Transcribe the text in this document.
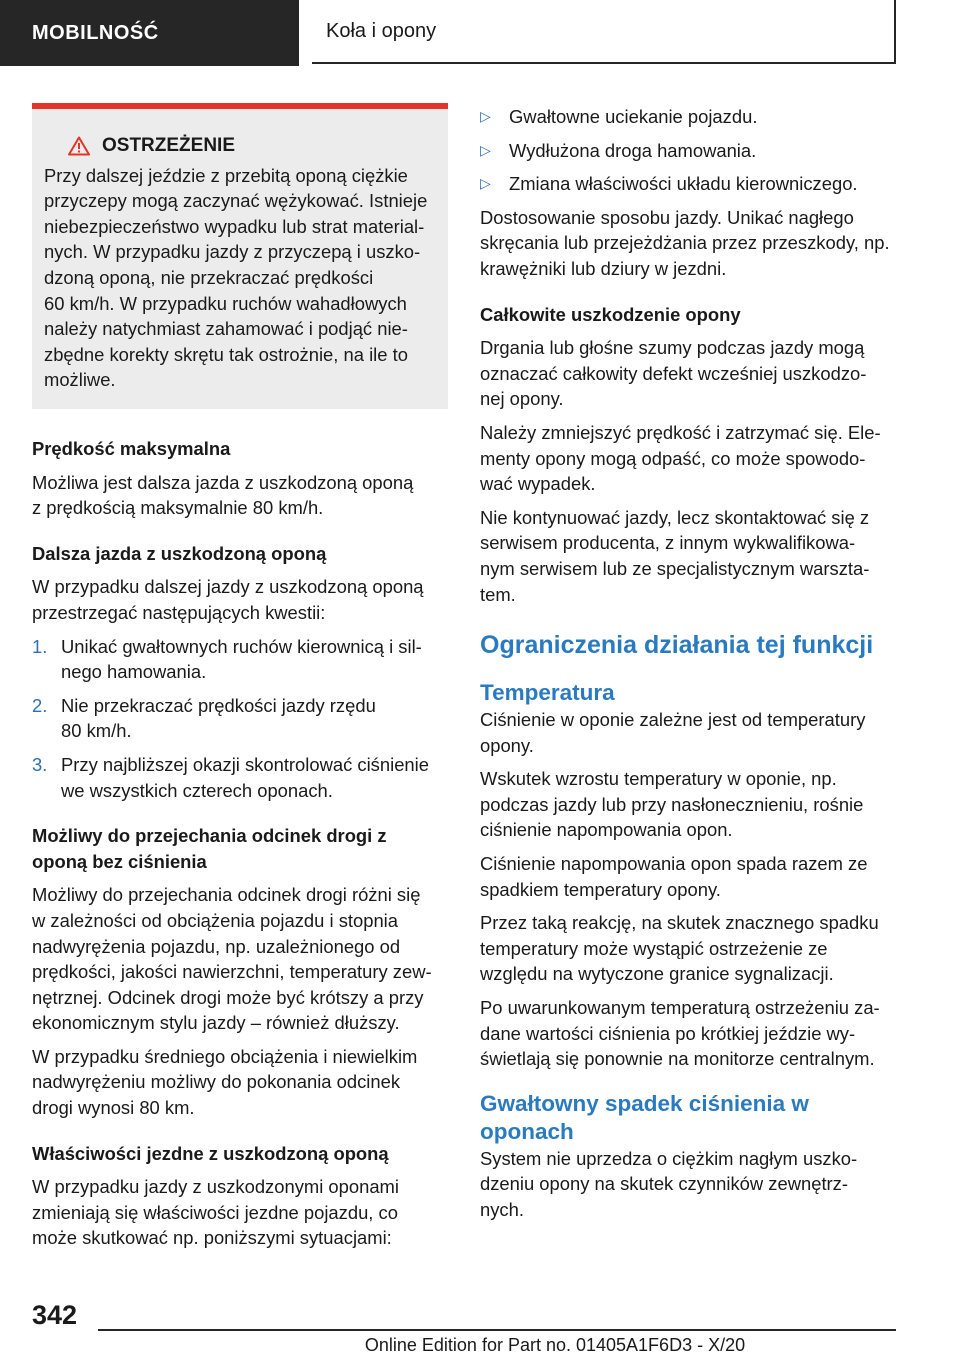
MOBILNOŚĆ	Koła i opony
OSTRZEŻENIE

Przy dalszej jeździe z przebitą oponą ciężkie
przyczepy mogą zaczynać wężykować. Istnieje
niebezpieczeństwo wypadku lub strat material-
nych. W przypadku jazdy z przyczepą i uszko-
dzoną oponą, nie przekraczać prędkości
60 km/h. W przypadku ruchów wahadłowych
należy natychmiast zahamować i podjąć nie-
zbędne korekty skrętu tak ostrożnie, na ile to
możliwe.

Prędkość maksymalna

Możliwa jest dalsza jazda z uszkodzoną oponą
z prędkością maksymalnie 80 km/h.

Dalsza jazda z uszkodzoną oponą

W przypadku dalszej jazdy z uszkodzoną oponą
przestrzegać następujących kwestii:

1. Unikać gwałtownych ruchów kierownicą i sil-
nego hamowania.
2. Nie przekraczać prędkości jazdy rzędu
80 km/h.
3. Przy najbliższej okazji skontrolować ciśnienie
we wszystkich czterech oponach.

Możliwy do przejechania odcinek drogi z
oponą bez ciśnienia

Możliwy do przejechania odcinek drogi różni się
w zależności od obciążenia pojazdu i stopnia
nadwyrężenia pojazdu, np. uzależnionego od
prędkości, jakości nawierzchni, temperatury zew-
nętrznej. Odcinek drogi może być krótszy a przy
ekonomicznym stylu jazdy – również dłuższy.

W przypadku średniego obciążenia i niewielkim
nadwyrężeniu możliwy do pokonania odcinek
drogi wynosi 80 km.

Właściwości jezdne z uszkodzoną oponą

W przypadku jazdy z uszkodzonymi oponami
zmieniają się właściwości jezdne pojazdu, co
może skutkować np. poniższymi sytuacjami:

▷ Gwałtowne uciekanie pojazdu.
▷ Wydłużona droga hamowania.
▷ Zmiana właściwości układu kierowniczego.

Dostosowanie sposobu jazdy. Unikać nagłego
skręcania lub przejeżdżania przez przeszkody, np.
krawężniki lub dziury w jezdni.

Całkowite uszkodzenie opony

Drgania lub głośne szumy podczas jazdy mogą
oznaczać całkowity defekt wcześniej uszkodzo-
nej opony.

Należy zmniejszyć prędkość i zatrzymać się. Ele-
menty opony mogą odpaść, co może spowodo-
wać wypadek.

Nie kontynuować jazdy, lecz skontaktować się z
serwisem producenta, z innym wykwalifikowa-
nym serwisem lub ze specjalistycznym warszta-
tem.

Ograniczenia działania tej funkcji

Temperatura

Ciśnienie w oponie zależne jest od temperatury
opony.

Wskutek wzrostu temperatury w oponie, np.
podczas jazdy lub przy nasłonecznieniu, rośnie
ciśnienie napompowania opon.

Ciśnienie napompowania opon spada razem ze
spadkiem temperatury opony.

Przez taką reakcję, na skutek znacznego spadku
temperatury może wystąpić ostrzeżenie ze
względu na wytyczone granice sygnalizacji.

Po uwarunkowanym temperaturą ostrzeżeniu za-
dane wartości ciśnienia po krótkiej jeździe wy-
świetlają się ponownie na monitorze centralnym.

Gwałtowny spadek ciśnienia w
oponach

System nie uprzedza o ciężkim nagłym uszko-
dzeniu opony na skutek czynników zewnętrz-
nych.

342
Online Edition for Part no. 01405A1F6D3 - X/20
